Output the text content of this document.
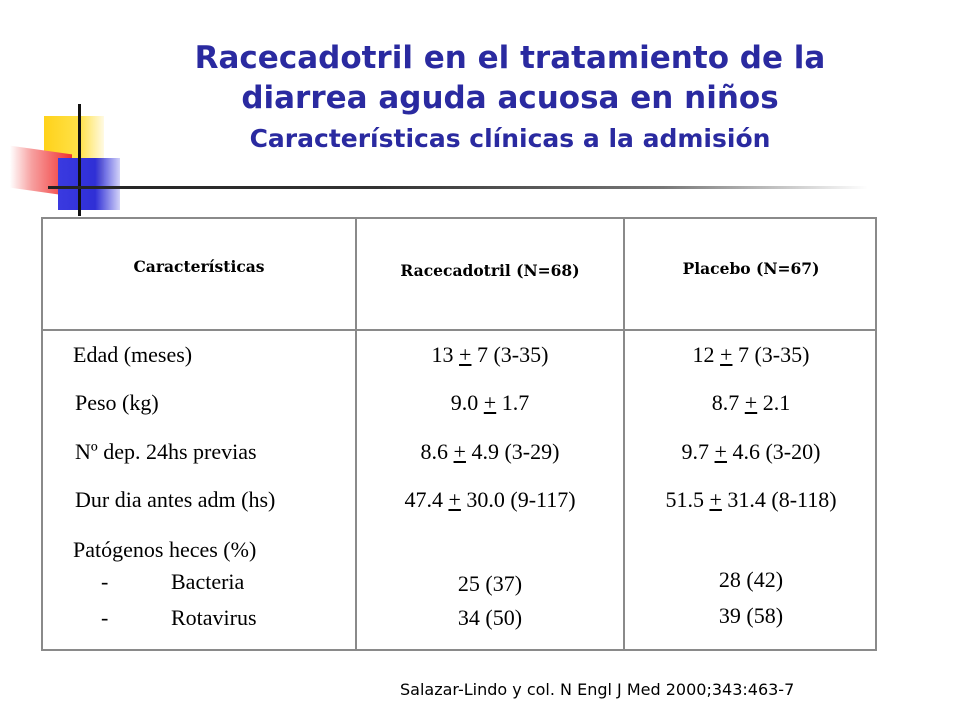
Racecadotril en el tratamiento de la
diarrea aguda acuosa en niños
Características clínicas a la admisión
Características	Racecadotril (N=68)	Placebo (N=67)
Edad (meses)	13 + 7 (3-35)	12 + 7 (3-35)
Peso (kg)	9.0 + 1.7	8.7 + 2.1
Nº dep. 24hs previas	8.6 + 4.9 (3-29)	9.7 + 4.6 (3-20)
Dur dia antes adm (hs)	47.4 + 30.0 (9-117)	51.5 + 31.4 (8-118)
Patógenos heces (%)
-	Bacteria	25 (37)	28 (42)
-	Rotavirus	34 (50)	39 (58)
Salazar-Lindo y col. N Engl J Med 2000;343:463-7
